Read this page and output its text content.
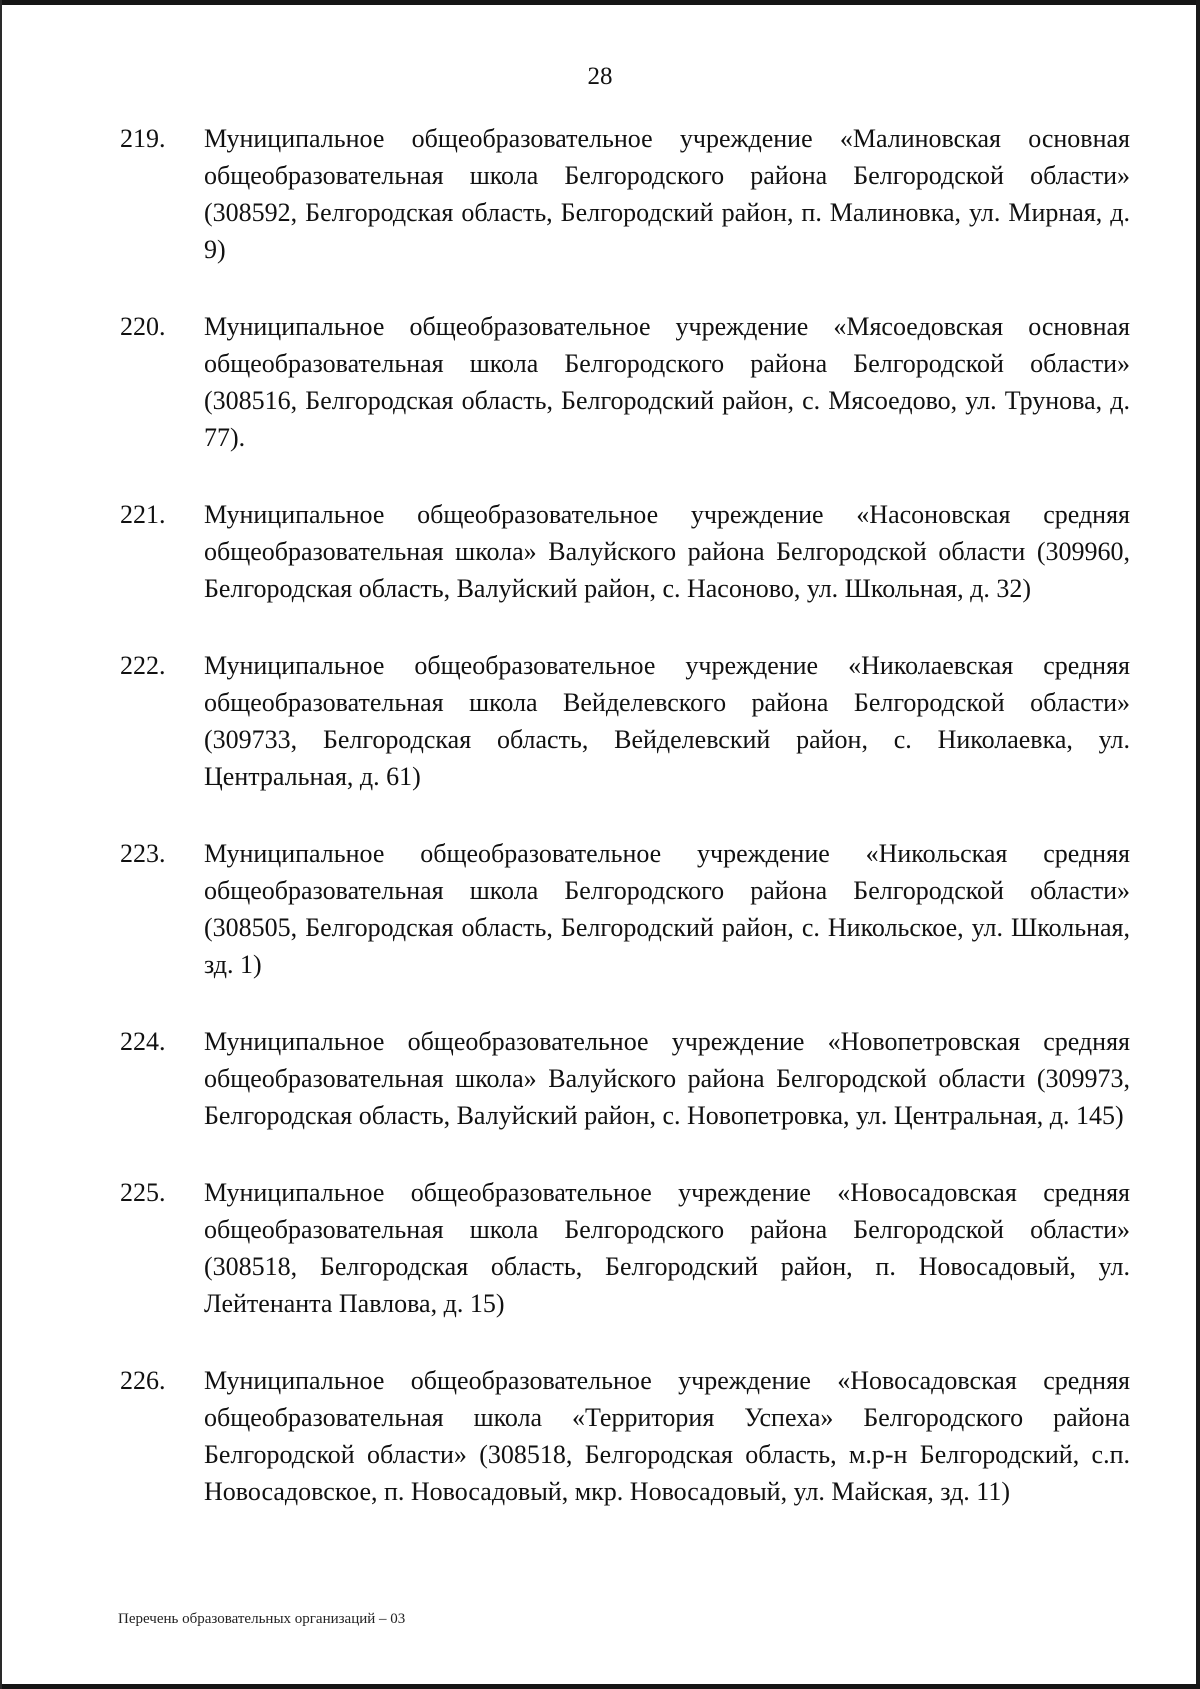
28
219.	Муниципальное общеобразовательное учреждение «Малиновская основная общеобразовательная школа Белгородского района Белгородской области» (308592, Белгородская область, Белгородский район, п. Малиновка, ул. Мирная, д. 9)
220.	Муниципальное общеобразовательное учреждение «Мясоедовская основная общеобразовательная школа Белгородского района Белгородской области» (308516, Белгородская область, Белгородский район, с. Мясоедово, ул. Трунова, д. 77).
221.	Муниципальное общеобразовательное учреждение «Насоновская средняя общеобразовательная школа» Валуйского района Белгородской области (309960, Белгородская область, Валуйский район, с. Насоново, ул. Школьная, д. 32)
222.	Муниципальное общеобразовательное учреждение «Николаевская средняя общеобразовательная школа Вейделевского района Белгородской области» (309733, Белгородская область, Вейделевский район, с. Николаевка, ул. Центральная, д. 61)
223.	Муниципальное общеобразовательное учреждение «Никольская средняя общеобразовательная школа Белгородского района Белгородской области» (308505, Белгородская область, Белгородский район, с. Никольское, ул. Школьная, зд. 1)
224.	Муниципальное общеобразовательное учреждение «Новопетровская средняя общеобразовательная школа» Валуйского района Белгородской области (309973, Белгородская область, Валуйский район, с. Новопетровка, ул. Центральная, д. 145)
225.	Муниципальное общеобразовательное учреждение «Новосадовская средняя общеобразовательная школа Белгородского района Белгородской области» (308518, Белгородская область, Белгородский район, п. Новосадовый, ул. Лейтенанта Павлова, д. 15)
226.	Муниципальное общеобразовательное учреждение «Новосадовская средняя общеобразовательная школа «Территория Успеха» Белгородского района Белгородской области» (308518, Белгородская область, м.р-н Белгородский, с.п. Новосадовское, п. Новосадовый, мкр. Новосадовый, ул. Майская, зд. 11)
Перечень образовательных организаций – 03
